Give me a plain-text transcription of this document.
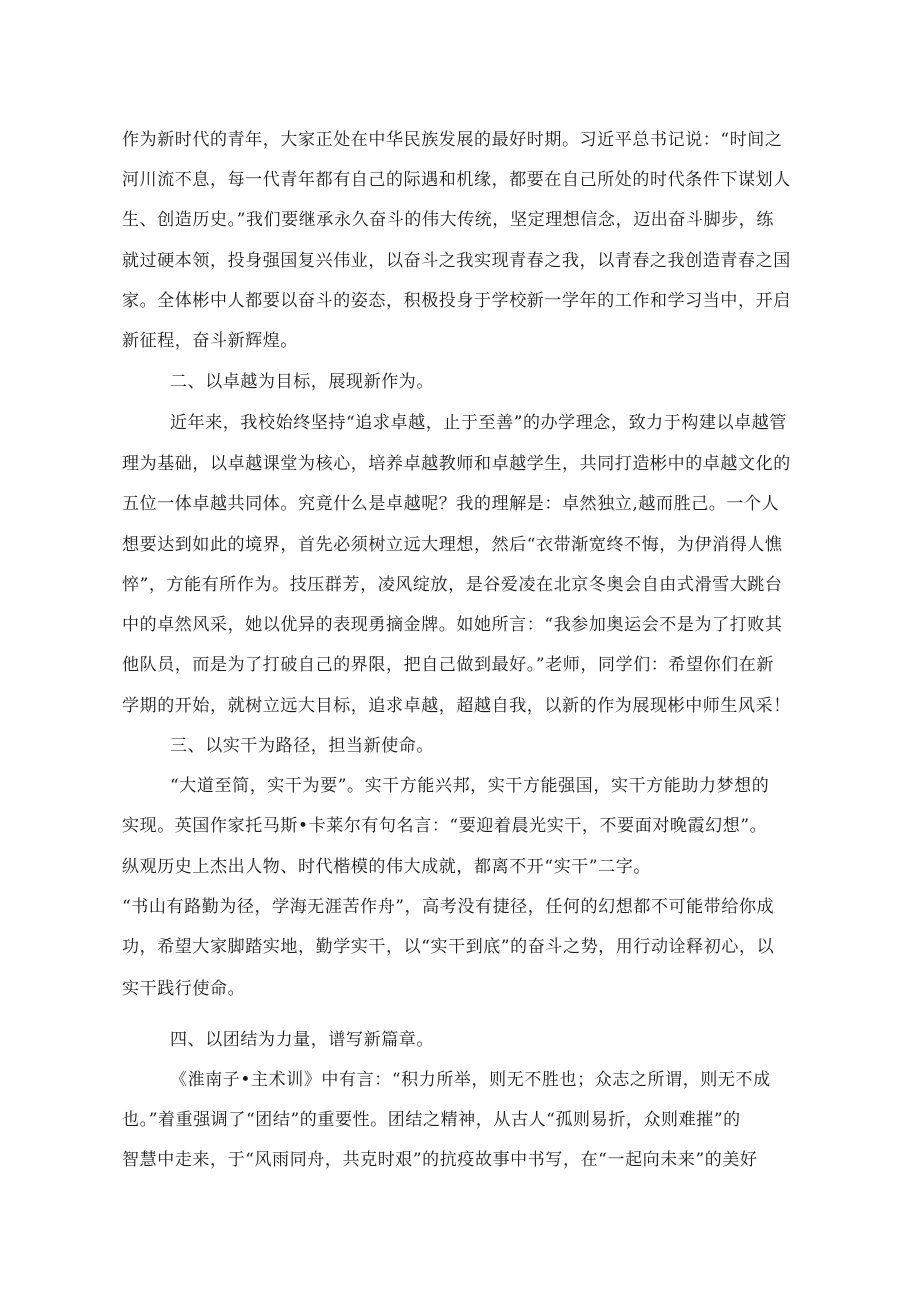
作为新时代的青年，大家正处在中华民族发展的最好时期。习近平总书记说：“时间之
河川流不息，每一代青年都有自己的际遇和机缘，都要在自己所处的时代条件下谋划人
生、创造历史。”我们要继承永久奋斗的伟大传统，坚定理想信念，迈出奋斗脚步，练
就过硬本领，投身强国复兴伟业，以奋斗之我实现青春之我，以青春之我创造青春之国
家。全体彬中人都要以奋斗的姿态，积极投身于学校新一学年的工作和学习当中，开启
新征程，奋斗新辉煌。
二、以卓越为目标，展现新作为。
近年来，我校始终坚持“追求卓越，止于至善”的办学理念，致力于构建以卓越管
理为基础，以卓越课堂为核心，培养卓越教师和卓越学生，共同打造彬中的卓越文化的
五位一体卓越共同体。究竟什么是卓越呢？我的理解是：卓然独立,越而胜己。一个人
想要达到如此的境界，首先必须树立远大理想，然后“衣带渐宽终不悔，为伊消得人憔
悴”，方能有所作为。技压群芳，凌风绽放，是谷爱凌在北京冬奥会自由式滑雪大跳台
中的卓然风采，她以优异的表现勇摘金牌。如她所言：“我参加奥运会不是为了打败其
他队员，而是为了打破自己的界限，把自己做到最好。”老师，同学们：希望你们在新
学期的开始，就树立远大目标，追求卓越，超越自我，以新的作为展现彬中师生风采！
三、以实干为路径，担当新使命。
“大道至简，实干为要”。实干方能兴邦，实干方能强国，实干方能助力梦想的
实现。英国作家托马斯•卡莱尔有句名言：“要迎着晨光实干，不要面对晚霞幻想”。
纵观历史上杰出人物、时代楷模的伟大成就，都离不开“实干”二字。
“书山有路勤为径，学海无涯苦作舟”，高考没有捷径，任何的幻想都不可能带给你成
功，希望大家脚踏实地，勤学实干，以“实干到底”的奋斗之势，用行动诠释初心，以
实干践行使命。
四、以团结为力量，谱写新篇章。
《淮南子•主术训》中有言：“积力所举，则无不胜也；众志之所谓，则无不成
也。”着重强调了“团结”的重要性。团结之精神，从古人“孤则易折，众则难摧”的
智慧中走来，于“风雨同舟，共克时艰”的抗疫故事中书写，在“一起向未来”的美好
